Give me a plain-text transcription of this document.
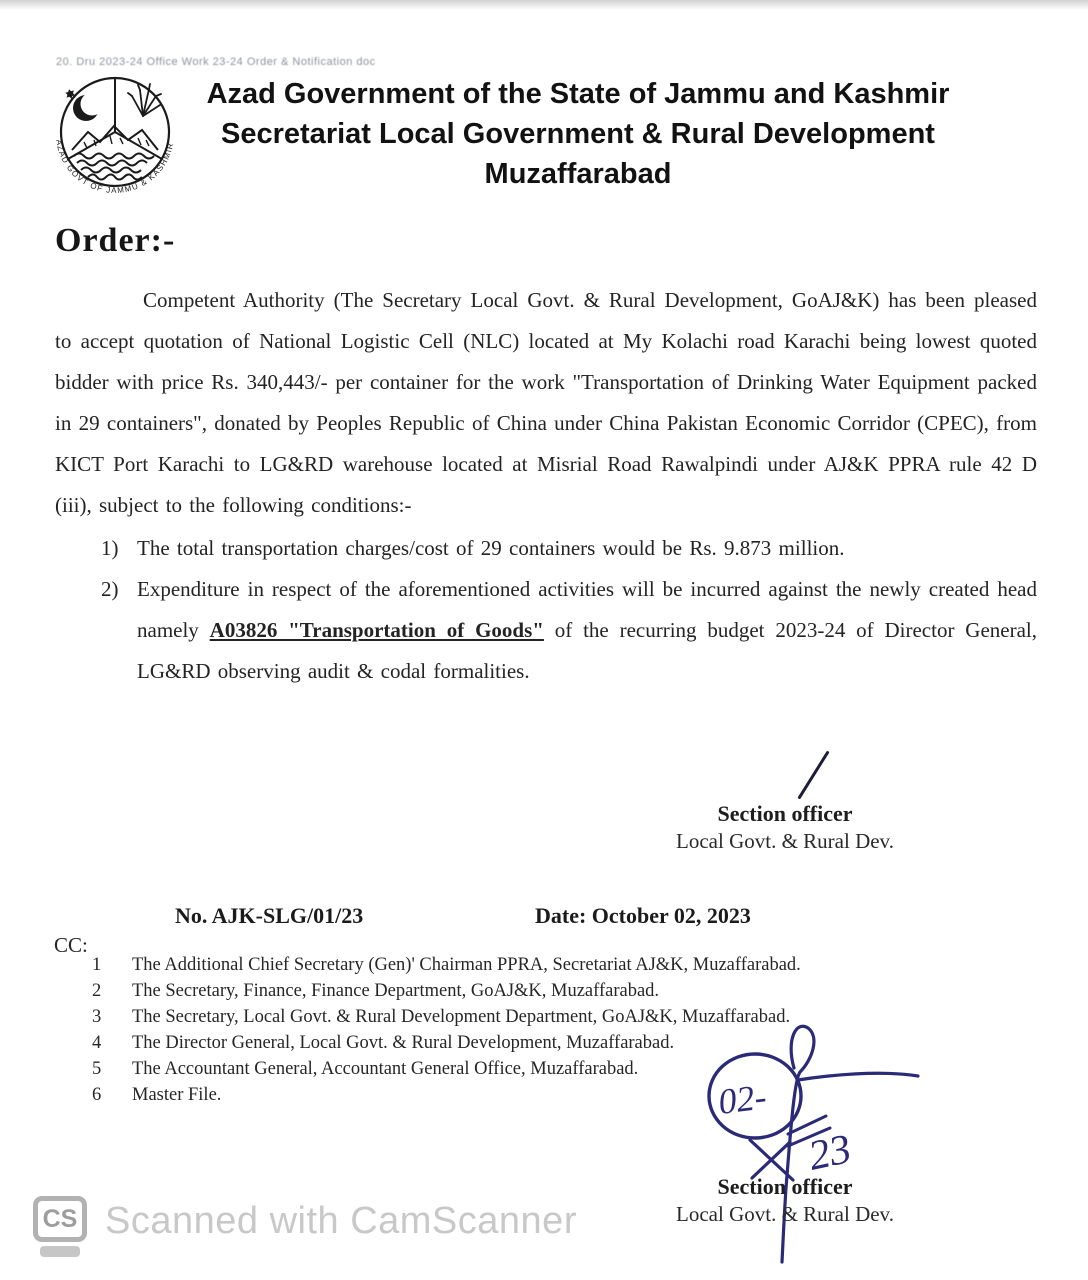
20. Dru 2023-24 Office Work 23-24 Order & Notification doc
AZAD GOVT OF JAMMU & KASHMIR
Azad Government of the State of Jammu and Kashmir
Secretariat Local Government & Rural Development
Muzaffarabad
Order:-

Competent Authority (The Secretary Local Govt. & Rural Development, GoAJ&K) has been pleased to accept quotation of National Logistic Cell (NLC) located at My Kolachi road Karachi being lowest quoted bidder with price Rs. 340,443/- per container for the work "Transportation of Drinking Water Equipment packed in 29 containers", donated by Peoples Republic of China under China Pakistan Economic Corridor (CPEC), from KICT Port Karachi to LG&RD warehouse located at Misrial Road Rawalpindi under AJ&K PPRA rule 42 D (iii), subject to the following conditions:-

1) The total transportation charges/cost of 29 containers would be Rs. 9.873 million.
2) Expenditure in respect of the aforementioned activities will be incurred against the newly created head namely A03826 "Transportation of Goods" of the recurring budget 2023-24 of Director General, LG&RD observing audit & codal formalities.
Section officer
Local Govt. & Rural Dev.
No. AJK-SLG/01/23	Date: October 02, 2023
CC:
1	The Additional Chief Secretary (Gen)' Chairman PPRA, Secretariat AJ&K, Muzaffarabad.
2	The Secretary, Finance, Finance Department, GoAJ&K, Muzaffarabad.
3	The Secretary, Local Govt. & Rural Development Department, GoAJ&K, Muzaffarabad.
4	The Director General, Local Govt. & Rural Development, Muzaffarabad.
5	The Accountant General, Accountant General Office, Muzaffarabad.
6	Master File.	02-
23
Section officer
Local Govt. & Rural Dev.
CS Scanned with CamScanner
